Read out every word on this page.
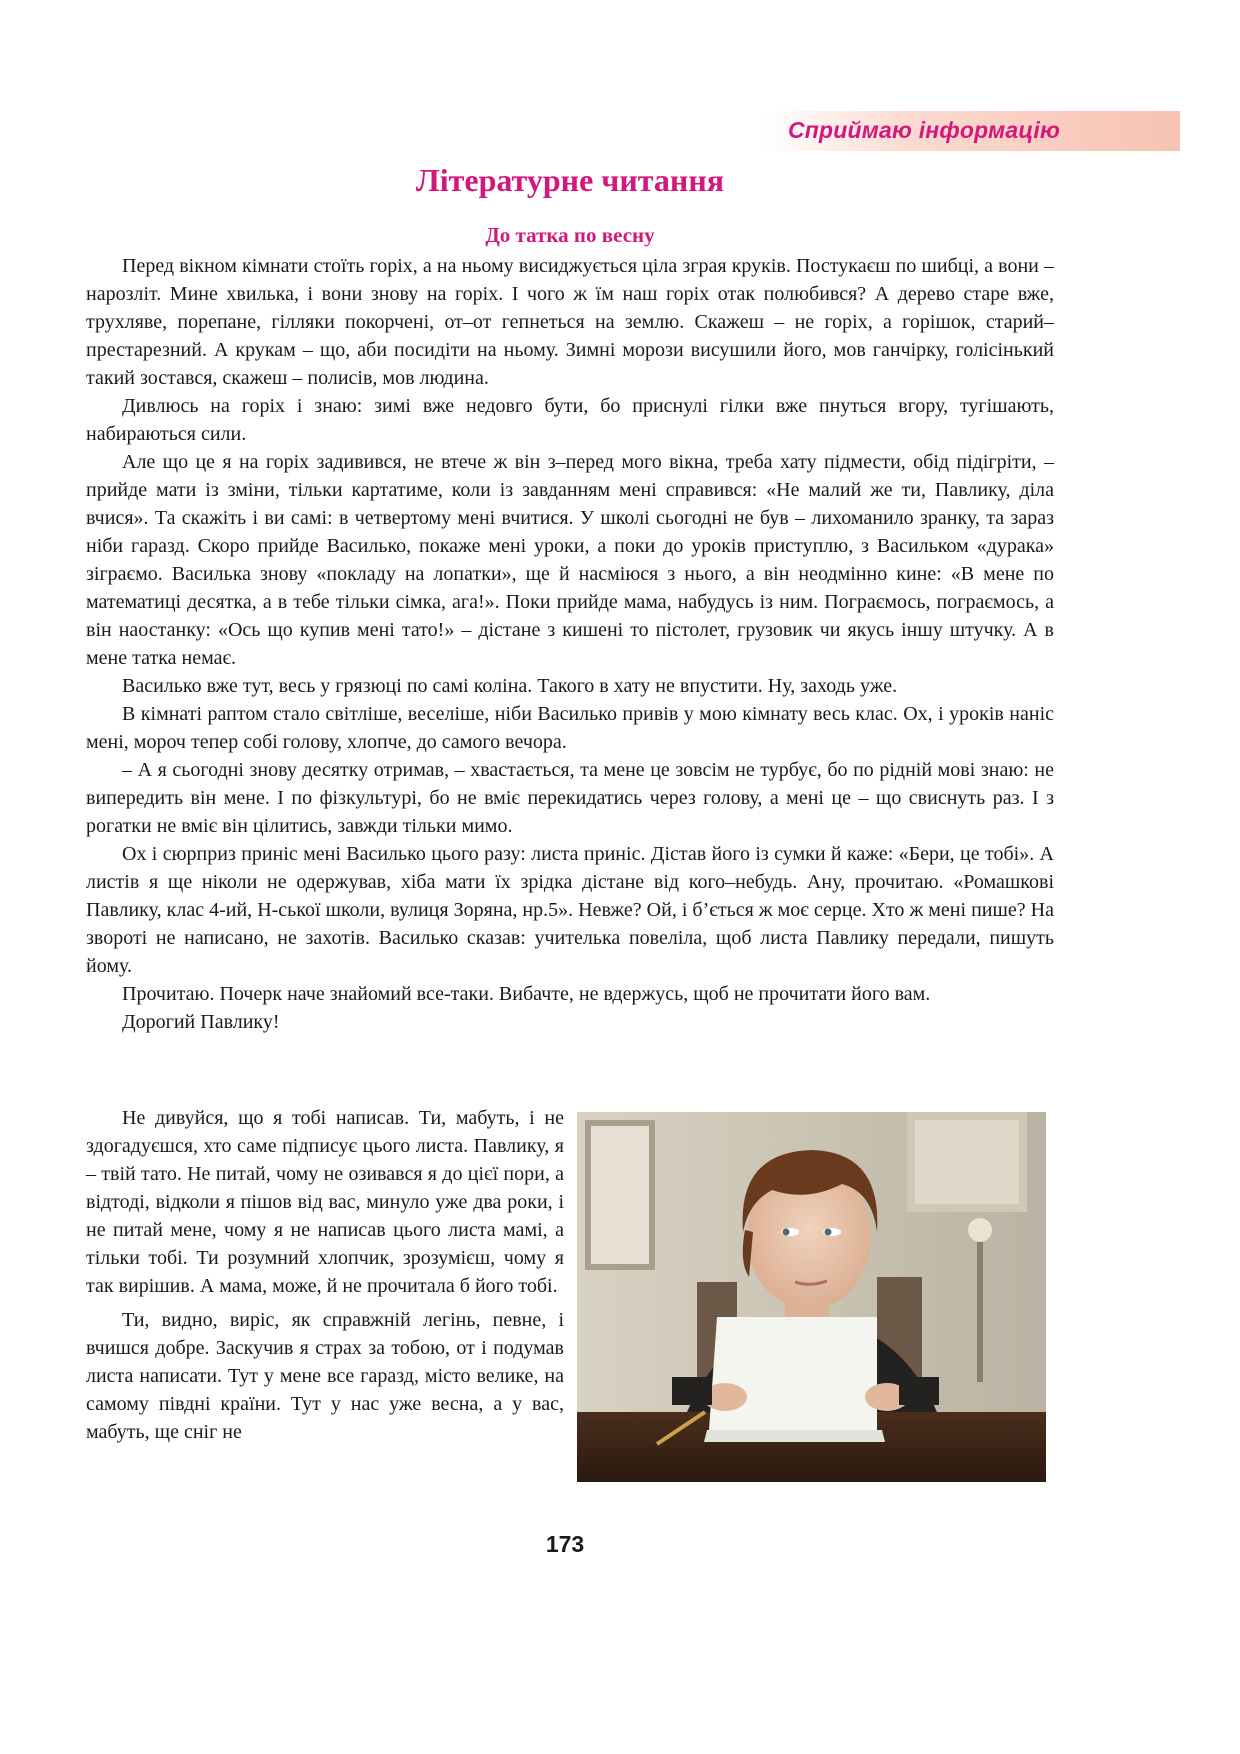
Сприймаю інформацію
Літературне читання
До татка по весну

Перед вікном кімнати стоїть горіх, а на ньому висиджується ціла зграя круків. Постукаєш по шибці, а вони – нарозліт. Мине хвилька, і вони знову на горіх. І чого ж їм наш горіх отак полюбився? А дерево старе вже, трухляве, порепане, гілляки покорчені, от–от гепнеться на землю. Скажеш – не горіх, а горішок, старий–престарезний. А крукам – що, аби посидіти на ньому. Зимні морози висушили його, мов ганчірку, голісінький такий зостався, скажеш – полисів, мов людина.

Дивлюсь на горіх і знаю: зимі вже недовго бути, бо приснулі гілки вже пнуться вгору, тугішають, набираються сили.

Але що це я на горіх задивився, не втече ж він з–перед мого вікна, треба хату підмести, обід підігріти, – прийде мати із зміни, тільки картатиме, коли із завданням мені справився: «Не малий же ти, Павлику, діла вчися». Та скажіть і ви самі: в четвертому мені вчитися. У школі сьогодні не був – лихоманило зранку, та зараз ніби гаразд. Скоро прийде Василько, покаже мені уроки, а поки до уроків приступлю, з Васильком «дурака» зіграємо. Василька знову «покладу на лопатки», ще й насміюся з нього, а він неодмінно кине: «В мене по математиці десятка, а в тебе тільки сімка, ага!». Поки прийде мама, набудусь із ним. Пограємось, пограємось, а він наостанку: «Ось що купив мені тато!» – дістане з кишені то пістолет, грузовик чи якусь іншу штучку. А в мене татка немає.

Василько вже тут, весь у грязюці по самі коліна. Такого в хату не впустити. Ну, заходь уже.

В кімнаті раптом стало світліше, веселіше, ніби Василько привів у мою кімнату весь клас. Ох, і уроків наніс мені, мороч тепер собі голову, хлопче, до самого вечора.

– А я сьогодні знову десятку отримав, – хвастається, та мене це зовсім не турбує, бо по рідній мові знаю: не випередить він мене. І по фізкультурі, бо не вміє перекидатись через голову, а мені це – що свиснуть раз. І з рогатки не вміє він цілитись, завжди тільки мимо.

Ох і сюрприз приніс мені Василько цього разу: листа приніс. Дістав його із сумки й каже: «Бери, це тобі». А листів я ще ніколи не одержував, хіба мати їх зрідка дістане від кого–небудь. Ану, прочитаю. «Ромашкові Павлику, клас 4-ий, Н-ської школи, вулиця Зоряна, нр.5». Невже? Ой, і б’ється ж моє серце. Хто ж мені пише? На звороті не написано, не захотів. Василько сказав: учителька повеліла, щоб листа Павлику передали, пишуть йому.

Прочитаю. Почерк наче знайомий все-таки. Вибачте, не вдержусь, щоб не прочитати його вам.

Дорогий Павлику!

Не дивуйся, що я тобі написав. Ти, мабуть, і не здогадуєшся, хто саме підписує цього листа. Павлику, я – твій тато. Не питай, чому не озивався я до цієї пори, а відтоді, відколи я пішов від вас, минуло уже два роки, і не питай мене, чому я не написав цього листа мамі, а тільки тобі. Ти розумний хлопчик, зрозумієш, чому я так вирішив. А мама, може, й не прочитала б його тобі.

Ти, видно, виріс, як справжній легінь, певне, і вчишся добре. Заскучив я страх за тобою, от і подумав листа написати. Тут у мене все гаразд, місто велике, на самому півдні країни. Тут у нас уже весна, а у вас, мабуть, ще сніг не

173
